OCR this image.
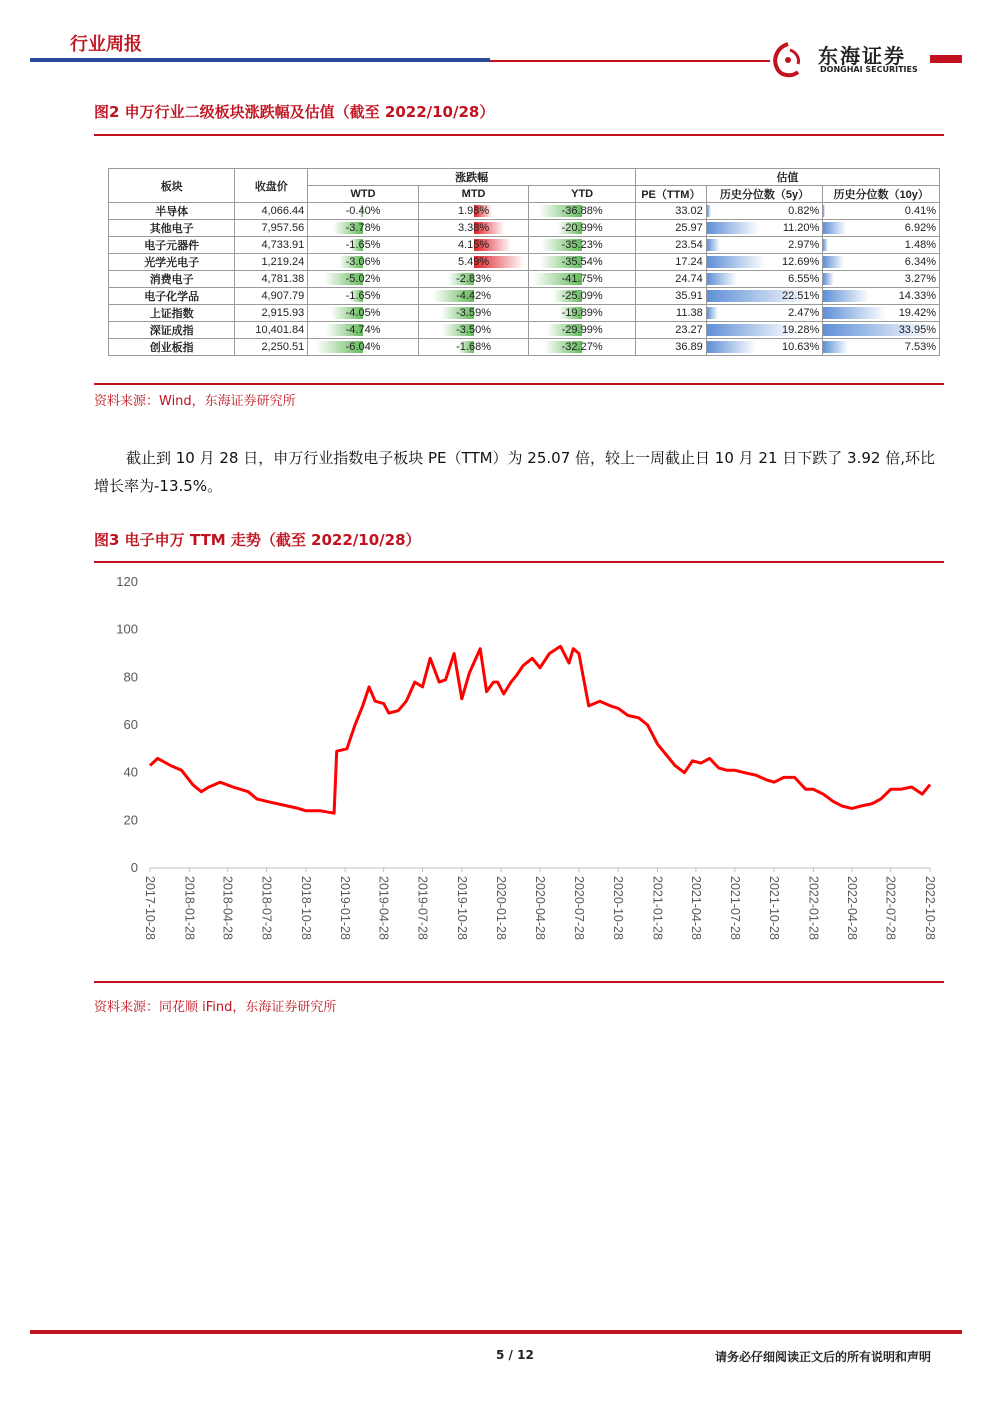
行业周报	东海证券
DONGHAI SECURITIES
图2 申万行业二级板块涨跌幅及估值（截至 2022/10/28）
板块	收盘价	涨跌幅			估值		
		WTD	MTD	YTD	PE（TTM）	历史分位数（5y）	历史分位数（10y）
半导体	4,066.44	-0.40%	1.98%	-36.88%	33.02	0.82%	0.41%

其他电子	7,957.56	-3.78%	3.38%	-20.99%	25.97	11.20%	6.92%

电子元器件	4,733.91	-1.65%	4.15%	-35.23%	23.54	2.97%	1.48%

光学光电子	1,219.24	-3.06%	5.49%	-35.54%	17.24	12.69%	6.34%

消费电子	4,781.38	-5.02%	-2.83%	-41.75%	24.74	6.55%	3.27%

电子化学品	4,907.79	-1.65%	-4.42%	-25.09%	35.91	22.51%	14.33%

上证指数	2,915.93	-4.05%	-3.59%	-19.89%	11.38	2.47%	19.42%

深证成指	10,401.84	-4.74%	-3.50%	-29.99%	23.27	19.28%	33.95%

创业板指	2,250.51	-6.04%	-1.68%	-32.27%	36.89	10.63%	7.53%
资料来源：Wind，东海证券研究所
截止到 10 月 28 日，申万行业指数电子板块 PE（TTM）为 25.07 倍，较上一周截止日 10 月 21 日下跌了 3.92 倍,环比增长率为-13.5%。
图3 电子申万 TTM 走势（截至 2022/10/28）
0
20
40
60
80
100
120
2017-10-28 2018-01-28 2018-04-28 2018-07-28 2018-10-28 2019-01-28 2019-04-28 2019-07-28 2019-10-28 2020-01-28 2020-04-28 2020-07-28 2020-10-28 2021-01-28 2021-04-28 2021-07-28 2021-10-28 2022-01-28 2022-04-28 2022-07-28 2022-10-28
资料来源：同花顺 iFind，东海证券研究所
5 / 12	请务必仔细阅读正文后的所有说明和声明
